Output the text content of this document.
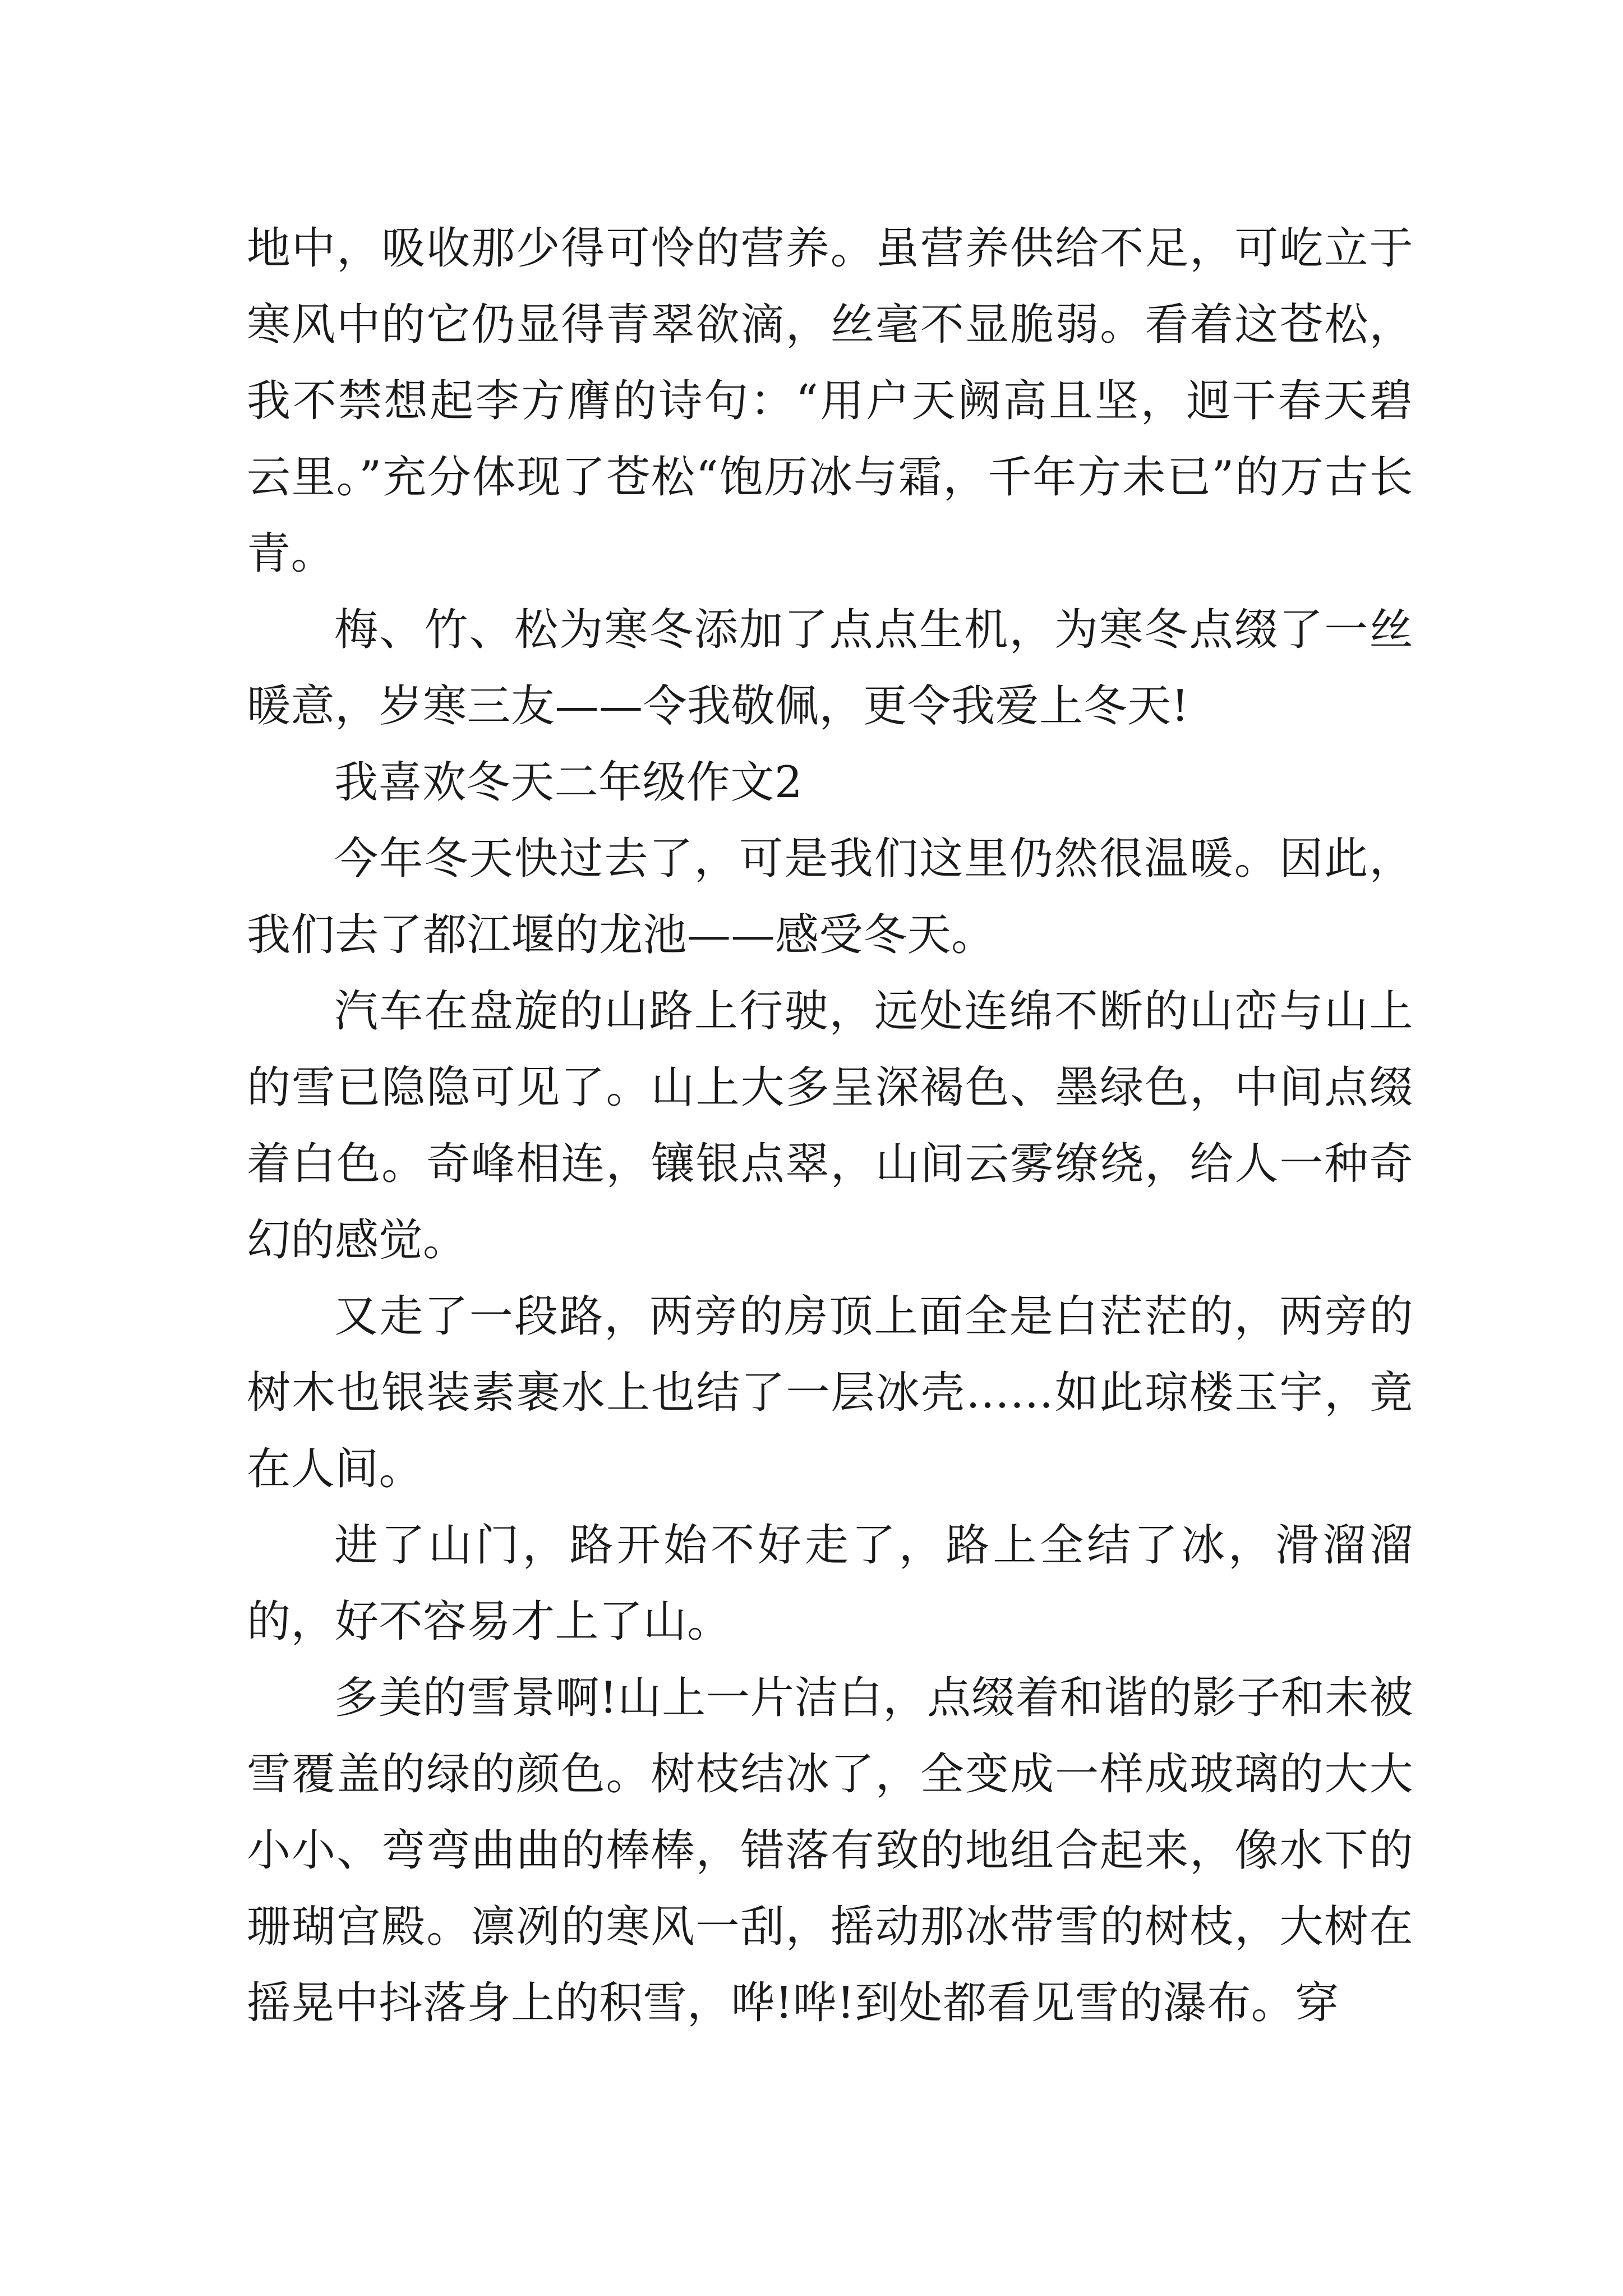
地中，吸收那少得可怜的营养。虽营养供给不足，可屹立于寒风中的它仍显得青翠欲滴，丝毫不显脆弱。看着这苍松，我不禁想起李方膺的诗句：“用户天阙高且坚，迥干春天碧云里。”充分体现了苍松“饱历冰与霜，千年方未已”的万古长青。

梅、竹、松为寒冬添加了点点生机，为寒冬点缀了一丝暖意，岁寒三友——令我敬佩，更令我爱上冬天!

我喜欢冬天二年级作文2

今年冬天快过去了，可是我们这里仍然很温暖。因此，我们去了都江堰的龙池——感受冬天。

汽车在盘旋的山路上行驶，远处连绵不断的山峦与山上的雪已隐隐可见了。山上大多呈深褐色、墨绿色，中间点缀着白色。奇峰相连，镶银点翠，山间云雾缭绕，给人一种奇幻的感觉。

又走了一段路，两旁的房顶上面全是白茫茫的，两旁的树木也银装素裹水上也结了一层冰壳……如此琼楼玉宇，竟在人间。

进了山门，路开始不好走了，路上全结了冰，滑溜溜的，好不容易才上了山。

多美的雪景啊!山上一片洁白，点缀着和谐的影子和未被雪覆盖的绿的颜色。树枝结冰了，全变成一样成玻璃的大大小小、弯弯曲曲的棒棒，错落有致的地组合起来，像水下的珊瑚宫殿。凛冽的寒风一刮，摇动那冰带雪的树枝，大树在摇晃中抖落身上的积雪，哗!哗!到处都看见雪的瀑布。穿
